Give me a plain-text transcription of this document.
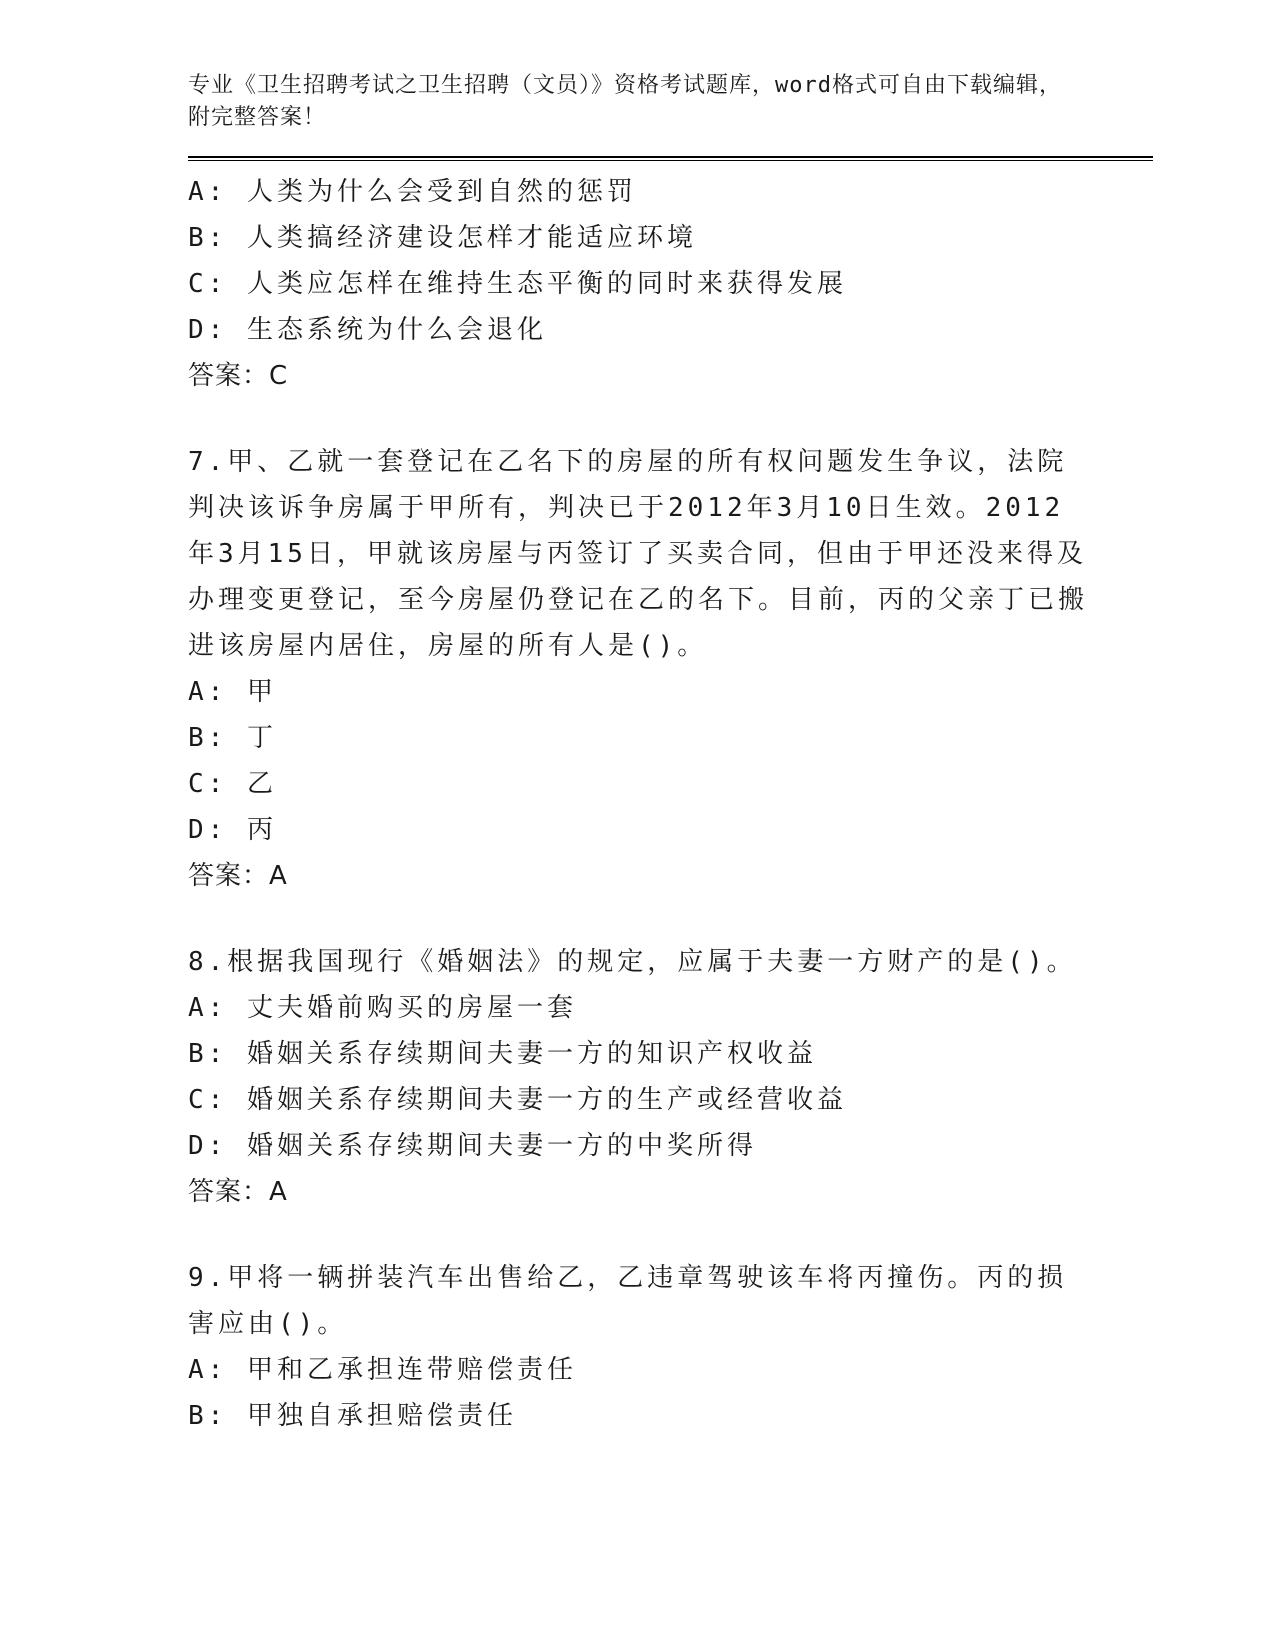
专业《卫生招聘考试之卫生招聘（文员）》资格考试题库，word格式可自由下载编辑，附完整答案！
A: 人类为什么会受到自然的惩罚
B: 人类搞经济建设怎样才能适应环境
C: 人类应怎样在维持生态平衡的同时来获得发展
D: 生态系统为什么会退化
答案：C
7.甲、乙就一套登记在乙名下的房屋的所有权问题发生争议，法院判决该诉争房属于甲所有，判决已于2012年3月10日生效。2012年3月15日，甲就该房屋与丙签订了买卖合同，但由于甲还没来得及办理变更登记，至今房屋仍登记在乙的名下。目前，丙的父亲丁已搬进该房屋内居住，房屋的所有人是()。
A: 甲
B: 丁
C: 乙
D: 丙
答案：A
8.根据我国现行《婚姻法》的规定，应属于夫妻一方财产的是()。
A: 丈夫婚前购买的房屋一套
B: 婚姻关系存续期间夫妻一方的知识产权收益
C: 婚姻关系存续期间夫妻一方的生产或经营收益
D: 婚姻关系存续期间夫妻一方的中奖所得
答案：A
9.甲将一辆拼装汽车出售给乙，乙违章驾驶该车将丙撞伤。丙的损害应由()。
A: 甲和乙承担连带赔偿责任
B: 甲独自承担赔偿责任
